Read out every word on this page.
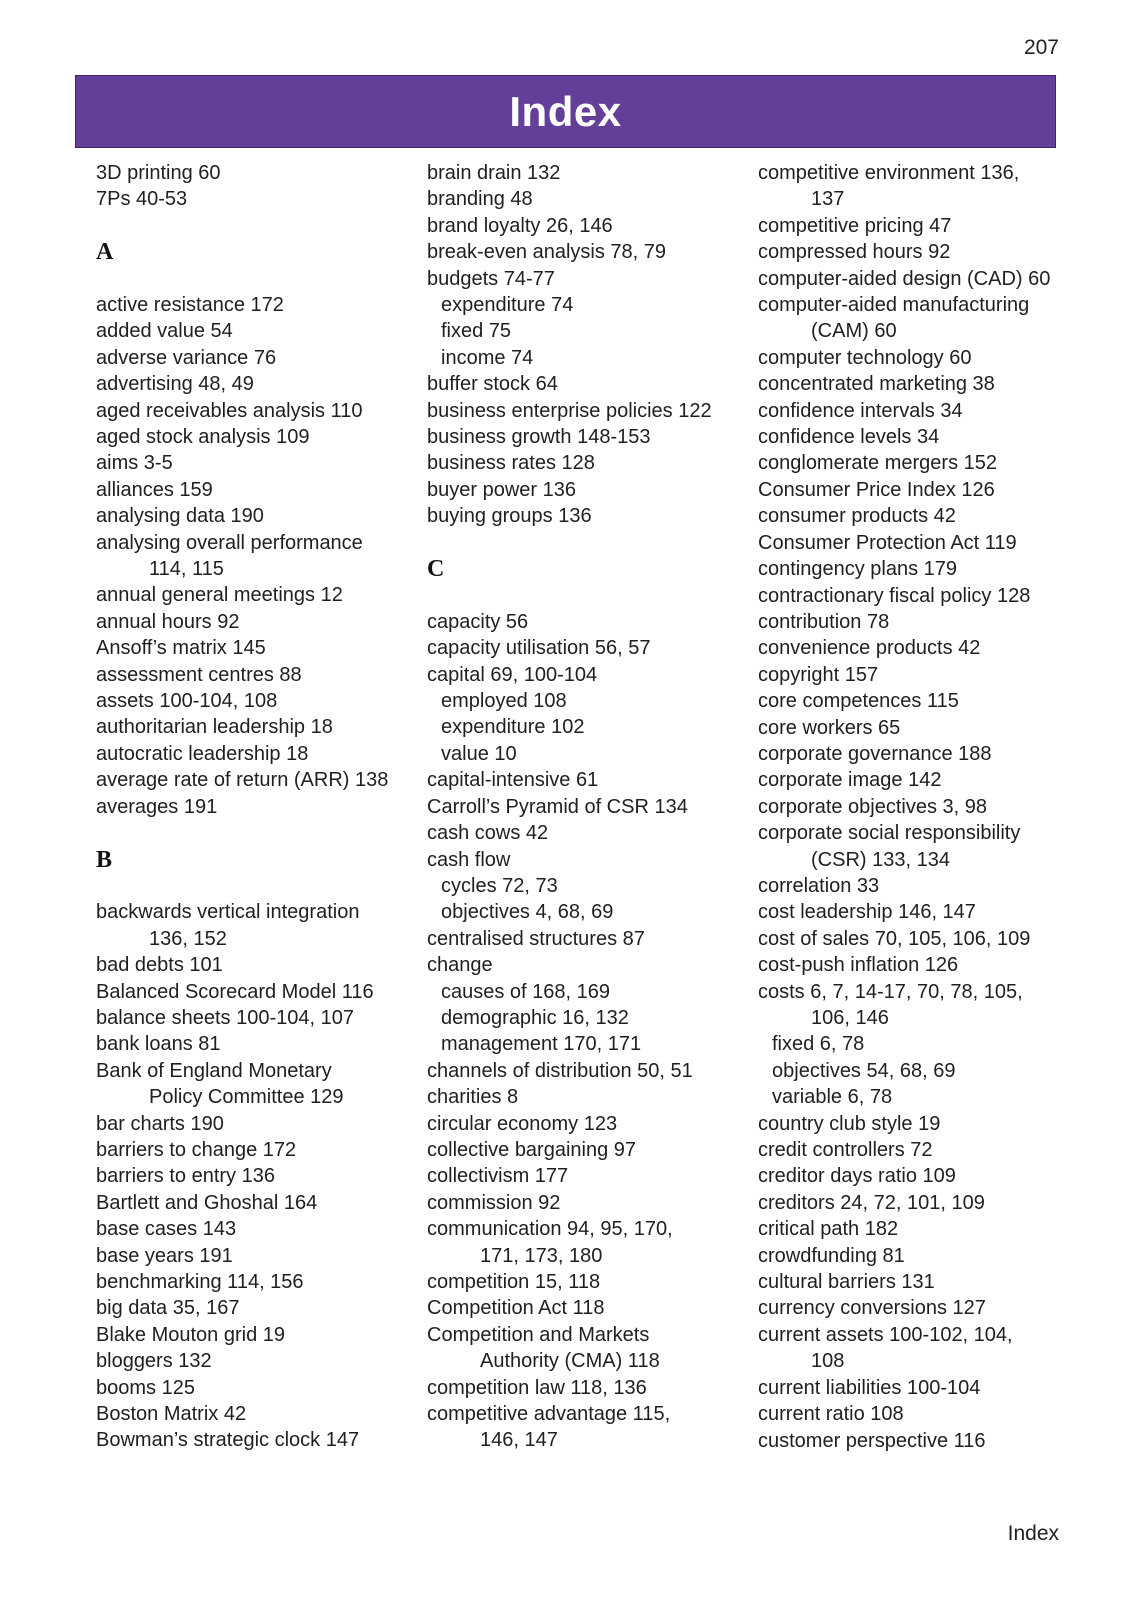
207
Index
3D printing 60
7Ps 40-53
A
active resistance 172
added value 54
adverse variance 76
advertising 48, 49
aged receivables analysis 110
aged stock analysis 109
aims 3-5
alliances 159
analysing data 190
analysing overall performance
114, 115
annual general meetings 12
annual hours 92
Ansoff’s matrix 145
assessment centres 88
assets 100-104, 108
authoritarian leadership 18
autocratic leadership 18
average rate of return (ARR) 138
averages 191
B
backwards vertical integration
136, 152
bad debts 101
Balanced Scorecard Model 116
balance sheets 100-104, 107
bank loans 81
Bank of England Monetary
Policy Committee 129
bar charts 190
barriers to change 172
barriers to entry 136
Bartlett and Ghoshal 164
base cases 143
base years 191
benchmarking 114, 156
big data 35, 167
Blake Mouton grid 19
bloggers 132
booms 125
Boston Matrix 42
Bowman’s strategic clock 147
brain drain 132
branding 48
brand loyalty 26, 146
break-even analysis 78, 79
budgets 74-77
expenditure 74
fixed 75
income 74
buffer stock 64
business enterprise policies 122
business growth 148-153
business rates 128
buyer power 136
buying groups 136
C
capacity 56
capacity utilisation 56, 57
capital 69, 100-104
employed 108
expenditure 102
value 10
capital-intensive 61
Carroll’s Pyramid of CSR 134
cash cows 42
cash flow
cycles 72, 73
objectives 4, 68, 69
centralised structures 87
change
causes of 168, 169
demographic 16, 132
management 170, 171
channels of distribution 50, 51
charities 8
circular economy 123
collective bargaining 97
collectivism 177
commission 92
communication 94, 95, 170,
171, 173, 180
competition 15, 118
Competition Act 118
Competition and Markets
Authority (CMA) 118
competition law 118, 136
competitive advantage 115,
146, 147
competitive environment 136,
137
competitive pricing 47
compressed hours 92
computer-aided design (CAD) 60
computer-aided manufacturing
(CAM) 60
computer technology 60
concentrated marketing 38
confidence intervals 34
confidence levels 34
conglomerate mergers 152
Consumer Price Index 126
consumer products 42
Consumer Protection Act 119
contingency plans 179
contractionary fiscal policy 128
contribution 78
convenience products 42
copyright 157
core competences 115
core workers 65
corporate governance 188
corporate image 142
corporate objectives 3, 98
corporate social responsibility
(CSR) 133, 134
correlation 33
cost leadership 146, 147
cost of sales 70, 105, 106, 109
cost-push inflation 126
costs 6, 7, 14-17, 70, 78, 105,
106, 146
fixed 6, 78
objectives 54, 68, 69
variable 6, 78
country club style 19
credit controllers 72
creditor days ratio 109
creditors 24, 72, 101, 109
critical path 182
crowdfunding 81
cultural barriers 131
currency conversions 127
current assets 100-102, 104,
108
current liabilities 100-104
current ratio 108
customer perspective 116
Index
